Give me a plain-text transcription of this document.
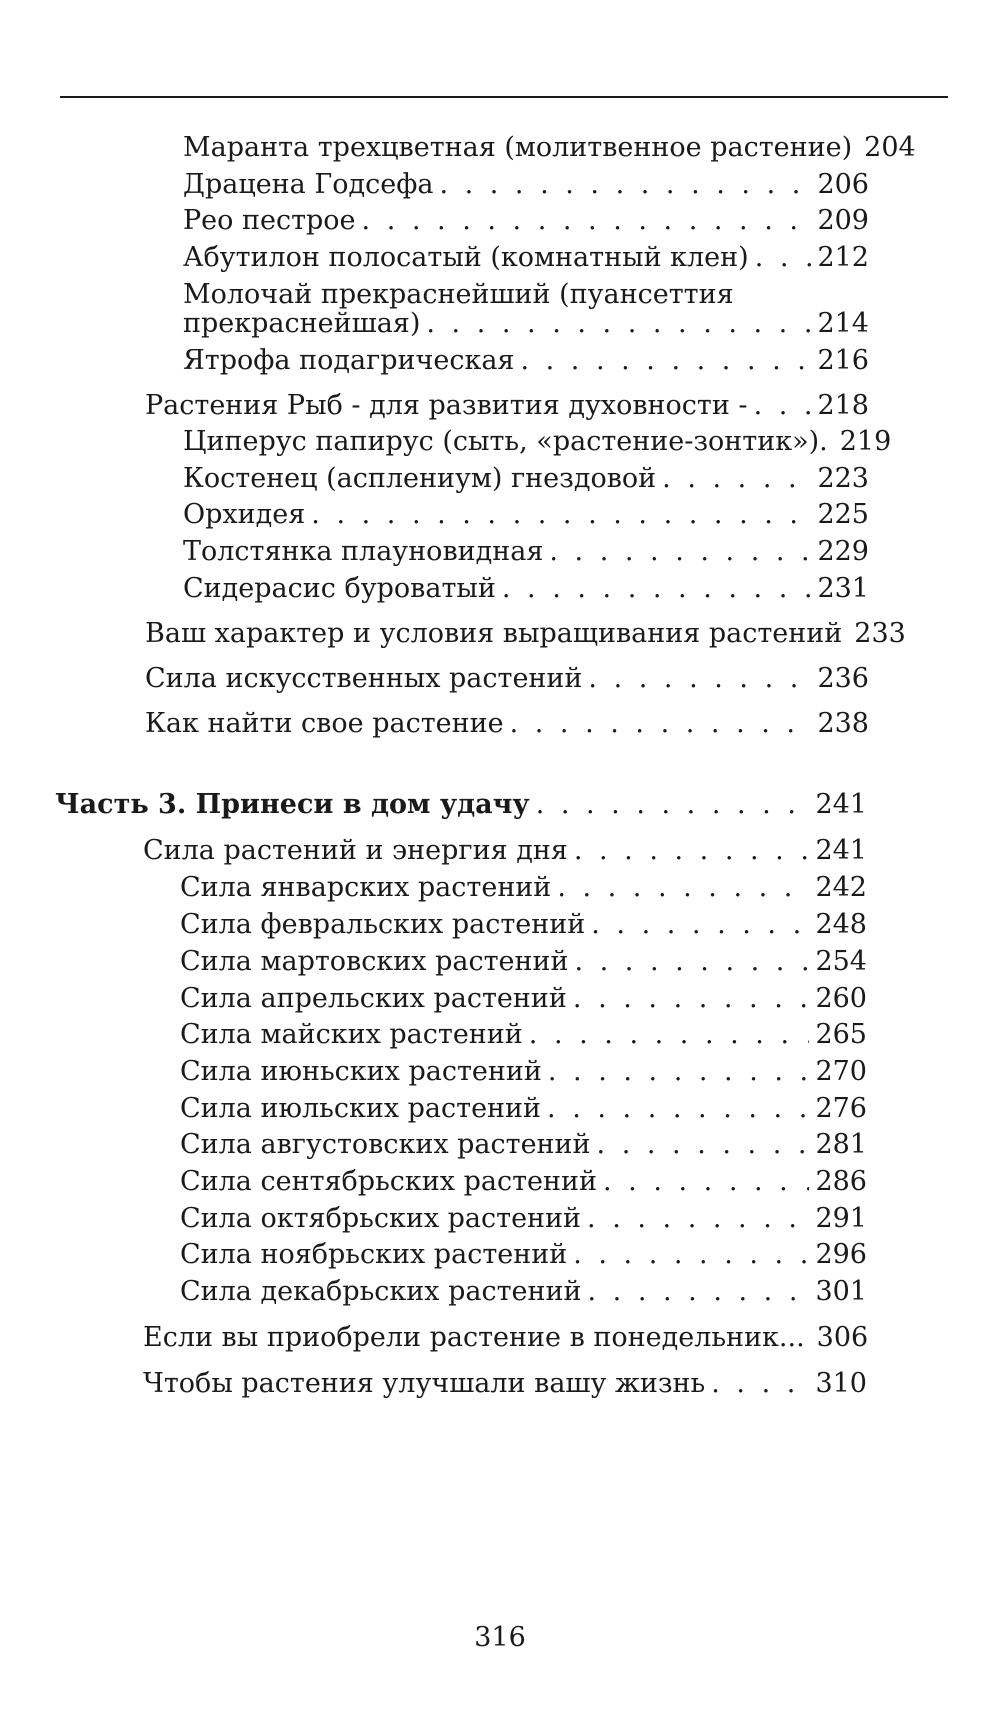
Маранта трехцветная (молитвенное растение) 204
Драцена Годсефа . . .	206
Рео пестрое . . .	209
Абутилон полосатый (комнатный клен) . . .	212
Молочай прекраснейший (пуансеттия
прекраснейшая) . . .	214
Ятрофа подагрическая . . .	216
Растения Рыб - для развития духовности - . . .	218
Циперус папирус (сыть, «растение-зонтик»). 219
Костенец (асплениум) гнездовой . . .	223
Орхидея . . .	225
Толстянка плауновидная . . .	229
Сидерасис буроватый . . .	231
Ваш характер и условия выращивания растений 233
Сила искусственных растений . . .	236
Как найти свое растение . . .	238
Часть 3. Принеси в дом удачу . . .	241
Сила растений и энергия дня . . .	241
Сила январских растений . . .	242
Сила февральских растений . . .	248
Сила мартовских растений . . .	254
Сила апрельских растений . . .	260
Сила майских растений . . .	265
Сила июньских растений . . .	270
Сила июльских растений . . .	276
Сила августовских растений . . .	281
Сила сентябрьских растений . . .	286
Сила октябрьских растений . . .	291
Сила ноябрьских растений . . .	296
Сила декабрьских растений . . .	301
Если вы приобрели растение в понедельник... 306
Чтобы растения улучшали вашу жизнь . . .	310
316
